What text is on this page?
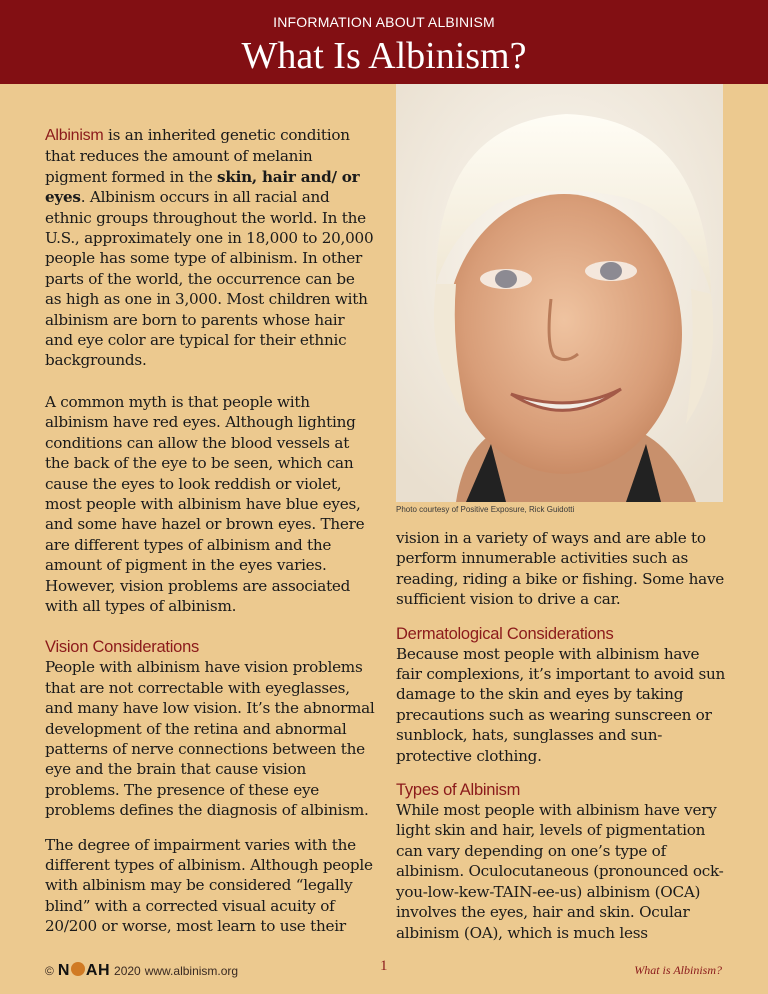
INFORMATION ABOUT ALBINISM
What Is Albinism?

Albinism is an inherited genetic condition that reduces the amount of melanin pigment formed in the skin, hair and/ or eyes. Albinism occurs in all racial and ethnic groups throughout the world. In the U.S., approximately one in 18,000 to 20,000 people has some type of albinism. In other parts of the world, the occurrence can be as high as one in 3,000. Most children with albinism are born to parents whose hair and eye color are typical for their ethnic backgrounds.

A common myth is that people with albinism have red eyes. Although lighting conditions can allow the blood vessels at the back of the eye to be seen, which can cause the eyes to look reddish or violet, most people with albinism have blue eyes, and some have hazel or brown eyes. There are different types of albinism and the amount of pigment in the eyes varies. However, vision problems are associated with all types of albinism.

Vision Considerations

People with albinism have vision problems that are not correctable with eyeglasses, and many have low vision. It’s the abnormal development of the retina and abnormal patterns of nerve connections between the eye and the brain that cause vision problems. The presence of these eye problems defines the diagnosis of albinism.

The degree of impairment varies with the different types of albinism. Although people with albinism may be considered “legally blind” with a corrected visual acuity of 20/200 or worse, most learn to use their

Photo courtesy of Positive Exposure, Rick Guidotti

vision in a variety of ways and are able to perform innumerable activities such as reading, riding a bike or fishing. Some have sufficient vision to drive a car.

Dermatological Considerations

Because most people with albinism have fair complexions, it’s important to avoid sun damage to the skin and eyes by taking precautions such as wearing sunscreen or sunblock, hats, sunglasses and sun-protective clothing.

Types of Albinism

While most people with albinism have very light skin and hair, levels of pigmentation can vary depending on one’s type of albinism. Oculocutaneous (pronounced ock-you-low-kew-TAIN-ee-us) albinism (OCA) involves the eyes, hair and skin. Ocular albinism (OA), which is much less

© N AH 2020 www.albinism.org	1	What is Albinism?
